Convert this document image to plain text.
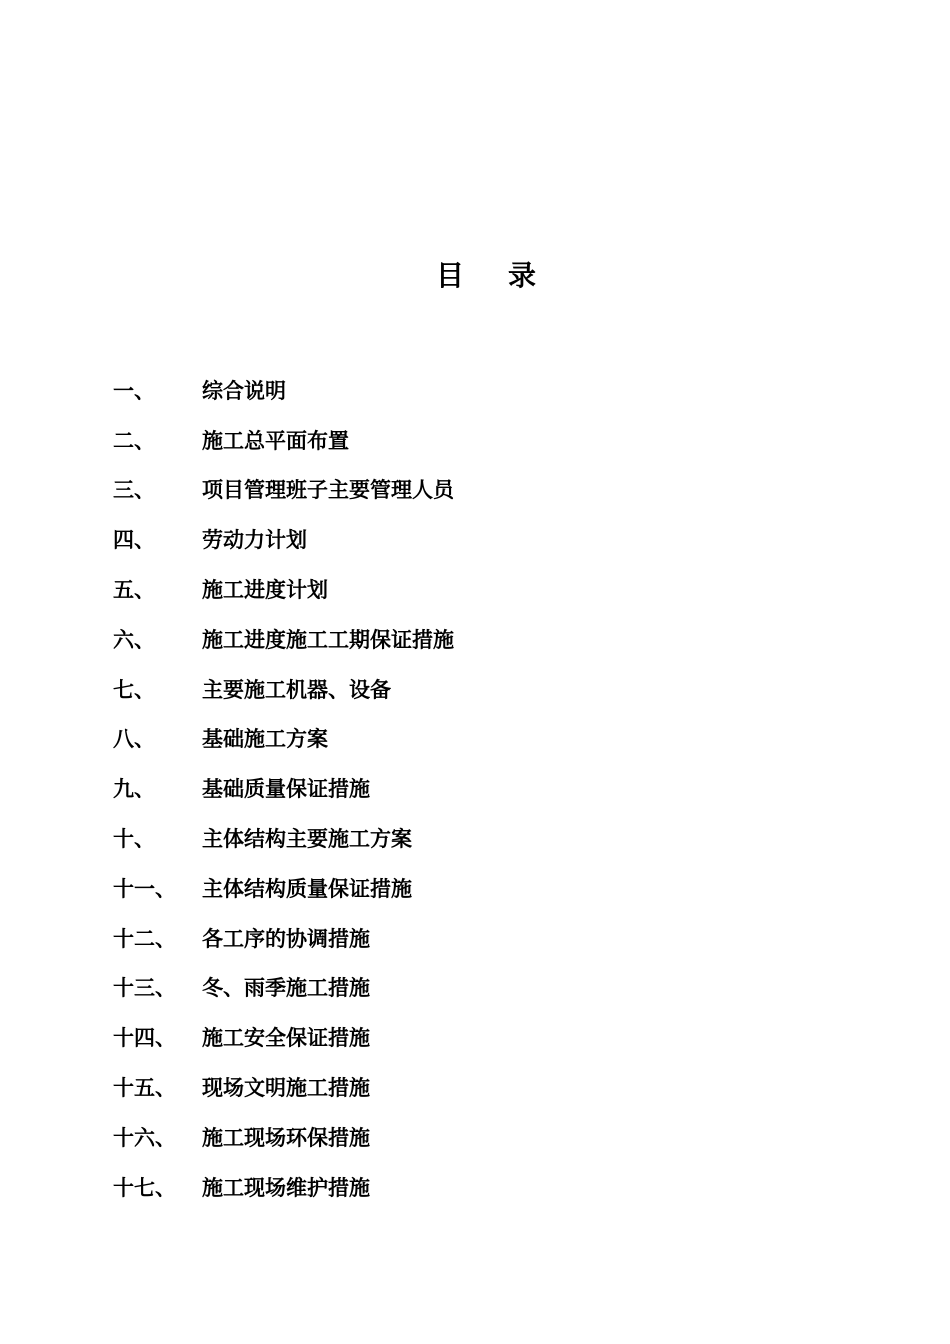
目 录
一、	综合说明
二、	施工总平面布置
三、	项目管理班子主要管理人员
四、	劳动力计划
五、	施工进度计划
六、	施工进度施工工期保证措施
七、	主要施工机器、设备
八、	基础施工方案
九、	基础质量保证措施
十、	主体结构主要施工方案
十一、	主体结构质量保证措施
十二、	各工序的协调措施
十三、	冬、雨季施工措施
十四、	施工安全保证措施
十五、	现场文明施工措施
十六、	施工现场环保措施
十七、	施工现场维护措施
